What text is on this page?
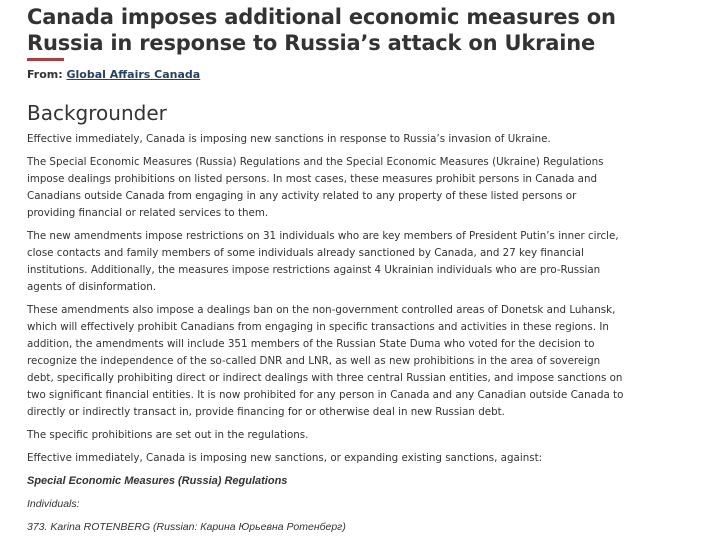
Canada imposes additional economic measures on Russia in response to Russia’s attack on Ukraine
From: Global Affairs Canada
Backgrounder

Effective immediately, Canada is imposing new sanctions in response to Russia’s invasion of Ukraine.

The Special Economic Measures (Russia) Regulations and the Special Economic Measures (Ukraine) Regulations impose dealings prohibitions on listed persons. In most cases, these measures prohibit persons in Canada and Canadians outside Canada from engaging in any activity related to any property of these listed persons or providing financial or related services to them.

The new amendments impose restrictions on 31 individuals who are key members of President Putin’s inner circle, close contacts and family members of some individuals already sanctioned by Canada, and 27 key financial institutions. Additionally, the measures impose restrictions against 4 Ukrainian individuals who are pro-Russian agents of disinformation.

These amendments also impose a dealings ban on the non-government controlled areas of Donetsk and Luhansk, which will effectively prohibit Canadians from engaging in specific transactions and activities in these regions. In addition, the amendments will include 351 members of the Russian State Duma who voted for the decision to recognize the independence of the so-called DNR and LNR, as well as new prohibitions in the area of sovereign debt, specifically prohibiting direct or indirect dealings with three central Russian entities, and impose sanctions on two significant financial entities. It is now prohibited for any person in Canada and any Canadian outside Canada to directly or indirectly transact in, provide financing for or otherwise deal in new Russian debt.

The specific prohibitions are set out in the regulations.

Effective immediately, Canada is imposing new sanctions, or expanding existing sanctions, against:

Special Economic Measures (Russia) Regulations
Individuals:
373. Karina ROTENBERG (Russian: Карина Юрьевна Ротенберг)
